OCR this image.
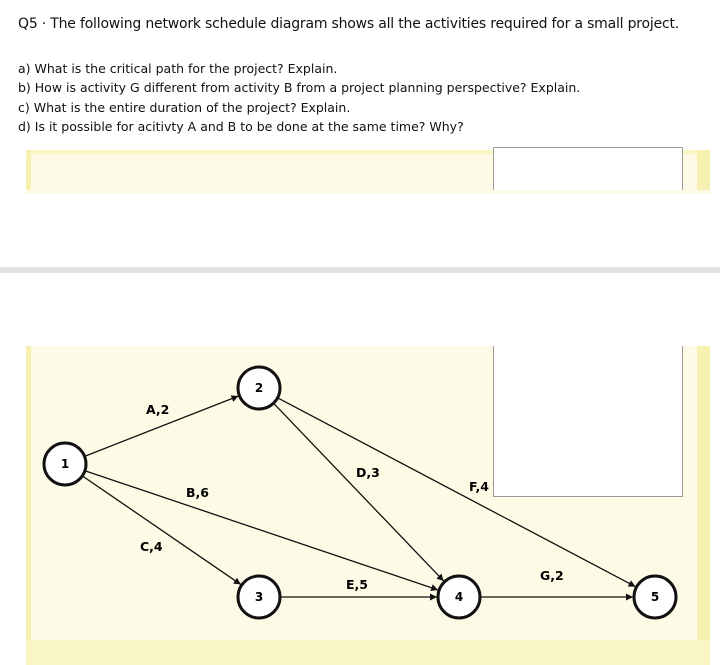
Q5 · The following network schedule diagram shows all the activities required for a small project.
a) What is the critical path for the project? Explain.
b) How is activity G different from activity B from a project planning perspective? Explain.
c) What is the entire duration of the project? Explain.
d) Is it possible for acitivty A and B to be done at the same time? Why?
A,2
B,6
C,4
D,3
E,5
F,4
G,2
1
2
3	4	5
